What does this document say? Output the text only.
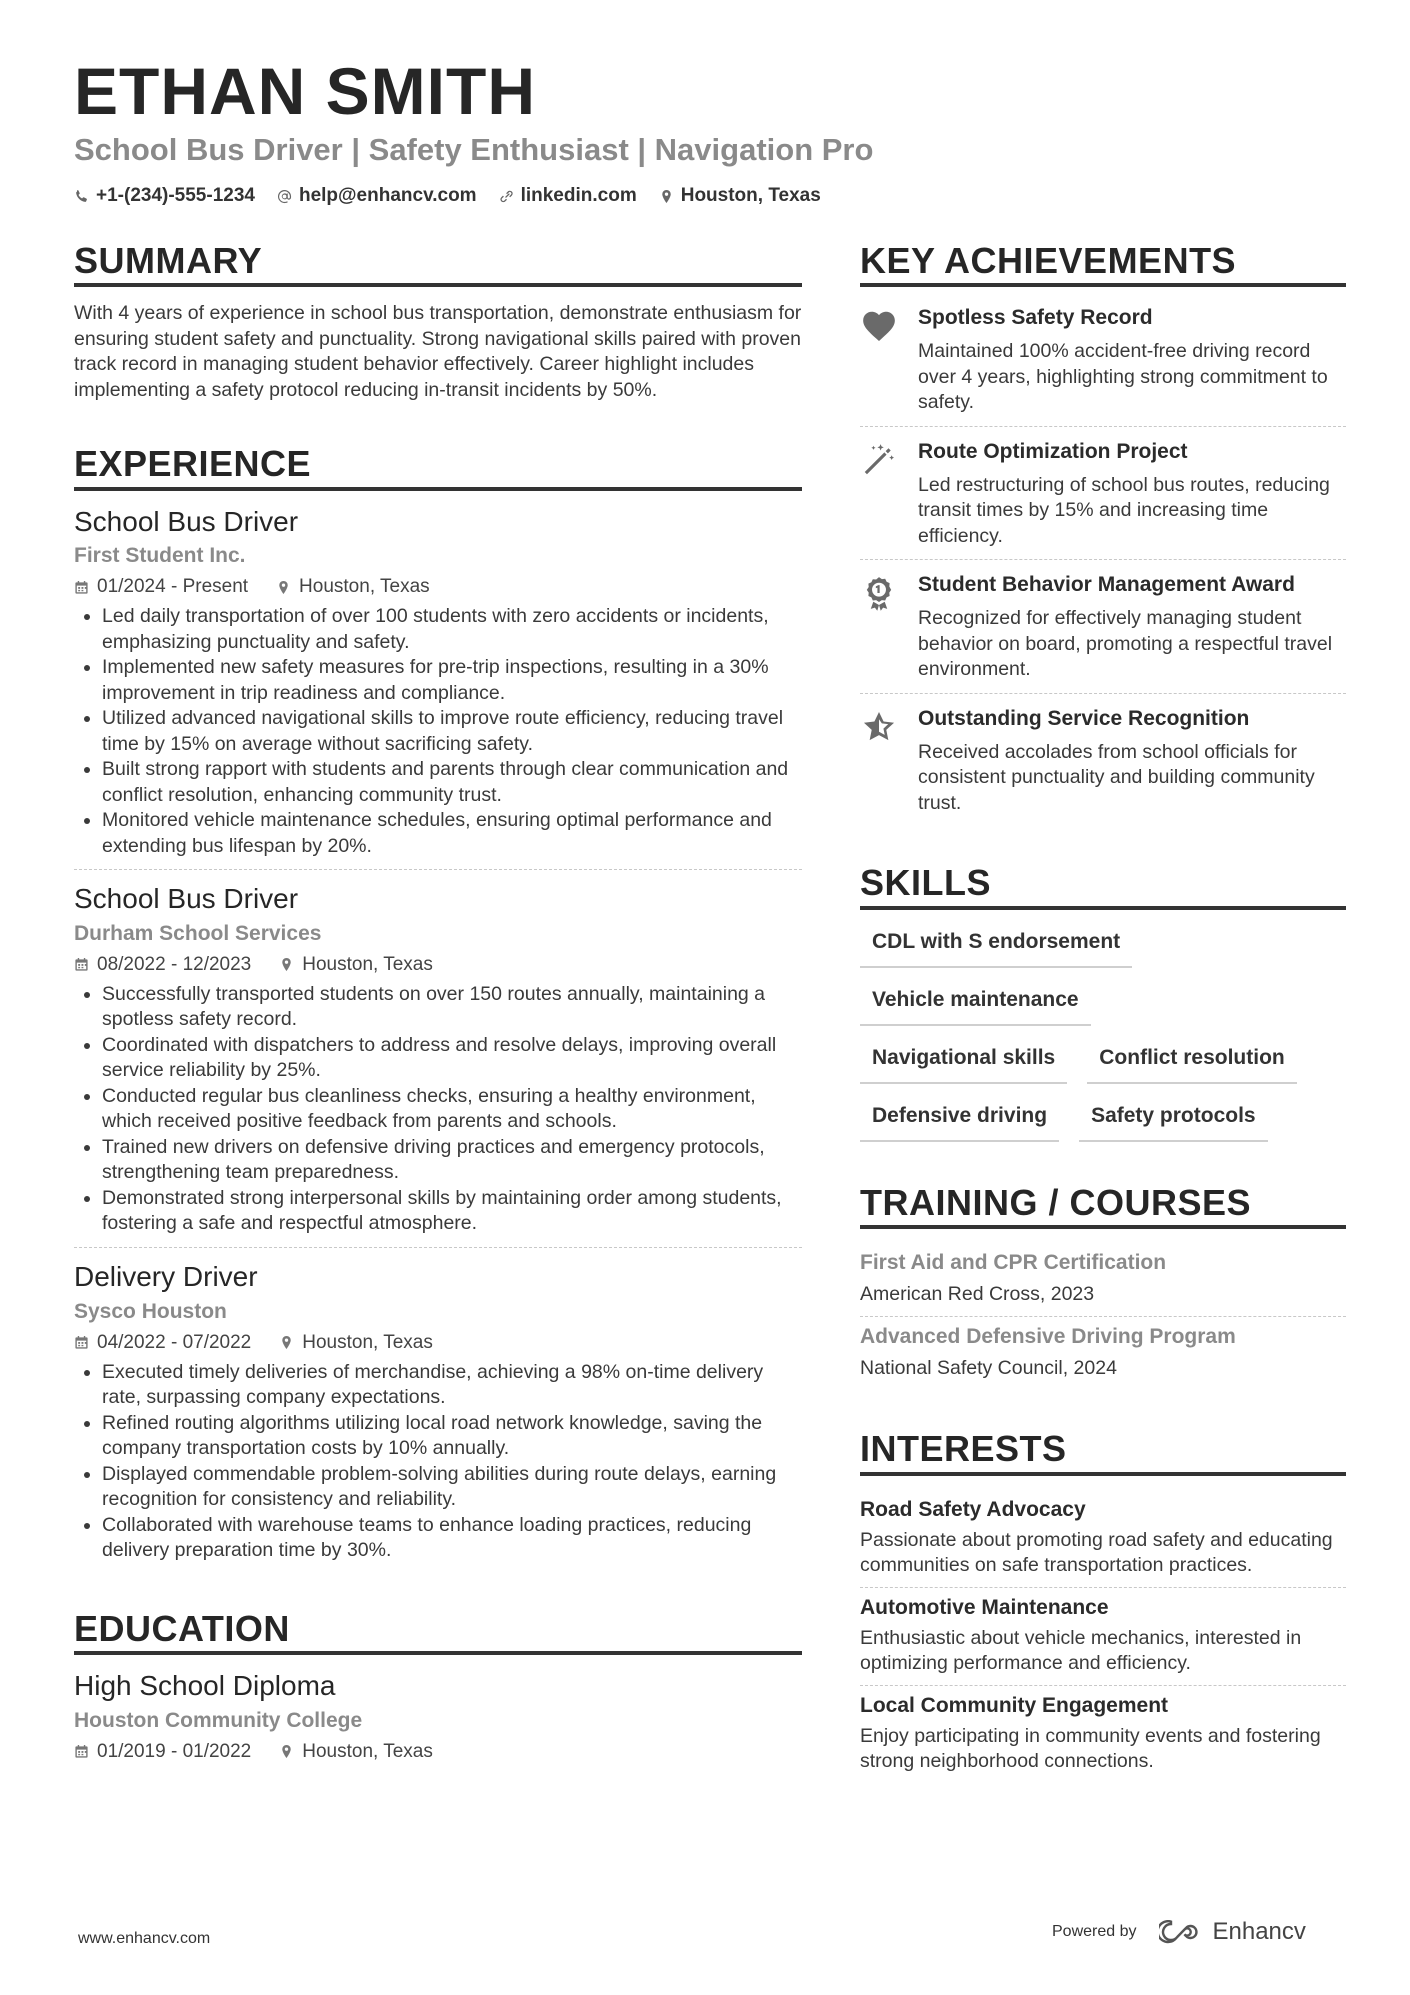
ETHAN SMITH
School Bus Driver | Safety Enthusiast | Navigation Pro
+1-(234)-555-1234 help@enhancv.com linkedin.com Houston, Texas
SUMMARY
With 4 years of experience in school bus transportation, demonstrate enthusiasm for ensuring student safety and punctuality. Strong navigational skills paired with proven track record in managing student behavior effectively. Career highlight includes implementing a safety protocol reducing in-transit incidents by 50%.
EXPERIENCE
School Bus Driver
First Student Inc.
01/2024 - Present	Houston, Texas
• Led daily transportation of over 100 students with zero accidents or incidents, emphasizing punctuality and safety.
• Implemented new safety measures for pre-trip inspections, resulting in a 30% improvement in trip readiness and compliance.
• Utilized advanced navigational skills to improve route efficiency, reducing travel time by 15% on average without sacrificing safety.
• Built strong rapport with students and parents through clear communication and conflict resolution, enhancing community trust.
• Monitored vehicle maintenance schedules, ensuring optimal performance and extending bus lifespan by 20%.
School Bus Driver
Durham School Services
08/2022 - 12/2023	Houston, Texas
• Successfully transported students on over 150 routes annually, maintaining a spotless safety record.
• Coordinated with dispatchers to address and resolve delays, improving overall service reliability by 25%.
• Conducted regular bus cleanliness checks, ensuring a healthy environment, which received positive feedback from parents and schools.
• Trained new drivers on defensive driving practices and emergency protocols, strengthening team preparedness.
• Demonstrated strong interpersonal skills by maintaining order among students, fostering a safe and respectful atmosphere.
Delivery Driver
Sysco Houston
04/2022 - 07/2022	Houston, Texas
• Executed timely deliveries of merchandise, achieving a 98% on-time delivery rate, surpassing company expectations.
• Refined routing algorithms utilizing local road network knowledge, saving the company transportation costs by 10% annually.
• Displayed commendable problem-solving abilities during route delays, earning recognition for consistency and reliability.
• Collaborated with warehouse teams to enhance loading practices, reducing delivery preparation time by 30%.
EDUCATION
High School Diploma
Houston Community College
01/2019 - 01/2022	Houston, Texas
KEY ACHIEVEMENTS
Spotless Safety Record
Maintained 100% accident-free driving record over 4 years, highlighting strong commitment to safety.
Route Optimization Project
Led restructuring of school bus routes, reducing transit times by 15% and increasing time efficiency.
Student Behavior Management Award
Recognized for effectively managing student behavior on board, promoting a respectful travel environment.
Outstanding Service Recognition
Received accolades from school officials for consistent punctuality and building community trust.
SKILLS
CDL with S endorsement
Vehicle maintenance
Navigational skills	Conflict resolution
Defensive driving	Safety protocols
TRAINING / COURSES
First Aid and CPR Certification
American Red Cross, 2023
Advanced Defensive Driving Program
National Safety Council, 2024
INTERESTS
Road Safety Advocacy
Passionate about promoting road safety and educating communities on safe transportation practices.
Automotive Maintenance
Enthusiastic about vehicle mechanics, interested in optimizing performance and efficiency.
Local Community Engagement
Enjoy participating in community events and fostering strong neighborhood connections.
www.enhancv.com	Powered by	Enhancv
